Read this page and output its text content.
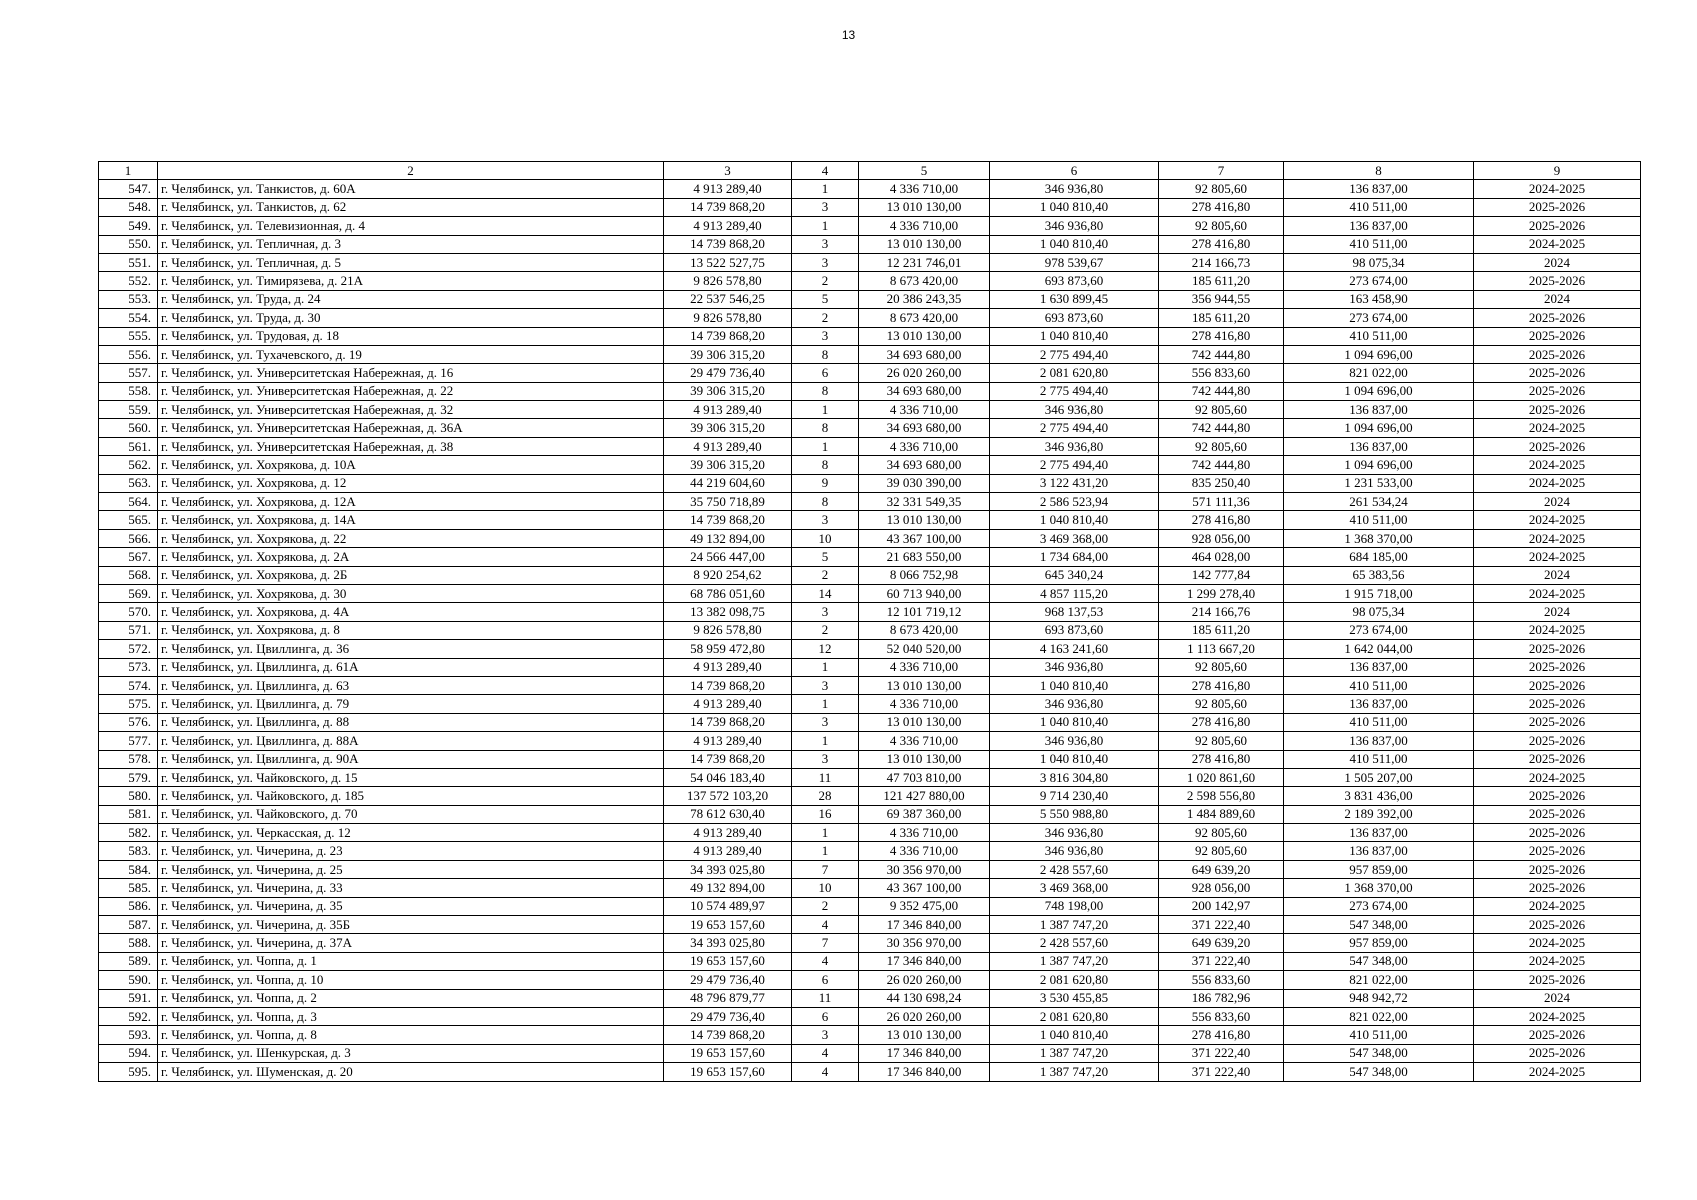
13
1	2	3	4	5	6	7	8	9
547.	г. Челябинск, ул. Танкистов, д. 60А	4 913 289,40	1	4 336 710,00	346 936,80	92 805,60	136 837,00	2024-2025
548.	г. Челябинск, ул. Танкистов, д. 62	14 739 868,20	3	13 010 130,00	1 040 810,40	278 416,80	410 511,00	2025-2026
549.	г. Челябинск, ул. Телевизионная, д. 4	4 913 289,40	1	4 336 710,00	346 936,80	92 805,60	136 837,00	2025-2026
550.	г. Челябинск, ул. Тепличная, д. 3	14 739 868,20	3	13 010 130,00	1 040 810,40	278 416,80	410 511,00	2024-2025
551.	г. Челябинск, ул. Тепличная, д. 5	13 522 527,75	3	12 231 746,01	978 539,67	214 166,73	98 075,34	2024
552.	г. Челябинск, ул. Тимирязева, д. 21А	9 826 578,80	2	8 673 420,00	693 873,60	185 611,20	273 674,00	2025-2026
553.	г. Челябинск, ул. Труда, д. 24	22 537 546,25	5	20 386 243,35	1 630 899,45	356 944,55	163 458,90	2024
554.	г. Челябинск, ул. Труда, д. 30	9 826 578,80	2	8 673 420,00	693 873,60	185 611,20	273 674,00	2025-2026
555.	г. Челябинск, ул. Трудовая, д. 18	14 739 868,20	3	13 010 130,00	1 040 810,40	278 416,80	410 511,00	2025-2026
556.	г. Челябинск, ул. Тухачевского, д. 19	39 306 315,20	8	34 693 680,00	2 775 494,40	742 444,80	1 094 696,00	2025-2026
557.	г. Челябинск, ул. Университетская Набережная, д. 16	29 479 736,40	6	26 020 260,00	2 081 620,80	556 833,60	821 022,00	2025-2026
558.	г. Челябинск, ул. Университетская Набережная, д. 22	39 306 315,20	8	34 693 680,00	2 775 494,40	742 444,80	1 094 696,00	2025-2026
559.	г. Челябинск, ул. Университетская Набережная, д. 32	4 913 289,40	1	4 336 710,00	346 936,80	92 805,60	136 837,00	2025-2026
560.	г. Челябинск, ул. Университетская Набережная, д. 36А	39 306 315,20	8	34 693 680,00	2 775 494,40	742 444,80	1 094 696,00	2024-2025
561.	г. Челябинск, ул. Университетская Набережная, д. 38	4 913 289,40	1	4 336 710,00	346 936,80	92 805,60	136 837,00	2025-2026
562.	г. Челябинск, ул. Хохрякова, д. 10А	39 306 315,20	8	34 693 680,00	2 775 494,40	742 444,80	1 094 696,00	2024-2025
563.	г. Челябинск, ул. Хохрякова, д. 12	44 219 604,60	9	39 030 390,00	3 122 431,20	835 250,40	1 231 533,00	2024-2025
564.	г. Челябинск, ул. Хохрякова, д. 12А	35 750 718,89	8	32 331 549,35	2 586 523,94	571 111,36	261 534,24	2024
565.	г. Челябинск, ул. Хохрякова, д. 14А	14 739 868,20	3	13 010 130,00	1 040 810,40	278 416,80	410 511,00	2024-2025
566.	г. Челябинск, ул. Хохрякова, д. 22	49 132 894,00	10	43 367 100,00	3 469 368,00	928 056,00	1 368 370,00	2024-2025
567.	г. Челябинск, ул. Хохрякова, д. 2А	24 566 447,00	5	21 683 550,00	1 734 684,00	464 028,00	684 185,00	2024-2025
568.	г. Челябинск, ул. Хохрякова, д. 2Б	8 920 254,62	2	8 066 752,98	645 340,24	142 777,84	65 383,56	2024
569.	г. Челябинск, ул. Хохрякова, д. 30	68 786 051,60	14	60 713 940,00	4 857 115,20	1 299 278,40	1 915 718,00	2024-2025
570.	г. Челябинск, ул. Хохрякова, д. 4А	13 382 098,75	3	12 101 719,12	968 137,53	214 166,76	98 075,34	2024
571.	г. Челябинск, ул. Хохрякова, д. 8	9 826 578,80	2	8 673 420,00	693 873,60	185 611,20	273 674,00	2024-2025
572.	г. Челябинск, ул. Цвиллинга, д. 36	58 959 472,80	12	52 040 520,00	4 163 241,60	1 113 667,20	1 642 044,00	2025-2026
573.	г. Челябинск, ул. Цвиллинга, д. 61А	4 913 289,40	1	4 336 710,00	346 936,80	92 805,60	136 837,00	2025-2026
574.	г. Челябинск, ул. Цвиллинга, д. 63	14 739 868,20	3	13 010 130,00	1 040 810,40	278 416,80	410 511,00	2025-2026
575.	г. Челябинск, ул. Цвиллинга, д. 79	4 913 289,40	1	4 336 710,00	346 936,80	92 805,60	136 837,00	2025-2026
576.	г. Челябинск, ул. Цвиллинга, д. 88	14 739 868,20	3	13 010 130,00	1 040 810,40	278 416,80	410 511,00	2025-2026
577.	г. Челябинск, ул. Цвиллинга, д. 88А	4 913 289,40	1	4 336 710,00	346 936,80	92 805,60	136 837,00	2025-2026
578.	г. Челябинск, ул. Цвиллинга, д. 90А	14 739 868,20	3	13 010 130,00	1 040 810,40	278 416,80	410 511,00	2025-2026
579.	г. Челябинск, ул. Чайковского, д. 15	54 046 183,40	11	47 703 810,00	3 816 304,80	1 020 861,60	1 505 207,00	2024-2025
580.	г. Челябинск, ул. Чайковского, д. 185	137 572 103,20	28	121 427 880,00	9 714 230,40	2 598 556,80	3 831 436,00	2025-2026
581.	г. Челябинск, ул. Чайковского, д. 70	78 612 630,40	16	69 387 360,00	5 550 988,80	1 484 889,60	2 189 392,00	2025-2026
582.	г. Челябинск, ул. Черкасская, д. 12	4 913 289,40	1	4 336 710,00	346 936,80	92 805,60	136 837,00	2025-2026
583.	г. Челябинск, ул. Чичерина, д. 23	4 913 289,40	1	4 336 710,00	346 936,80	92 805,60	136 837,00	2025-2026
584.	г. Челябинск, ул. Чичерина, д. 25	34 393 025,80	7	30 356 970,00	2 428 557,60	649 639,20	957 859,00	2025-2026
585.	г. Челябинск, ул. Чичерина, д. 33	49 132 894,00	10	43 367 100,00	3 469 368,00	928 056,00	1 368 370,00	2025-2026
586.	г. Челябинск, ул. Чичерина, д. 35	10 574 489,97	2	9 352 475,00	748 198,00	200 142,97	273 674,00	2024-2025
587.	г. Челябинск, ул. Чичерина, д. 35Б	19 653 157,60	4	17 346 840,00	1 387 747,20	371 222,40	547 348,00	2025-2026
588.	г. Челябинск, ул. Чичерина, д. 37А	34 393 025,80	7	30 356 970,00	2 428 557,60	649 639,20	957 859,00	2024-2025
589.	г. Челябинск, ул. Чоппа, д. 1	19 653 157,60	4	17 346 840,00	1 387 747,20	371 222,40	547 348,00	2024-2025
590.	г. Челябинск, ул. Чоппа, д. 10	29 479 736,40	6	26 020 260,00	2 081 620,80	556 833,60	821 022,00	2025-2026
591.	г. Челябинск, ул. Чоппа, д. 2	48 796 879,77	11	44 130 698,24	3 530 455,85	186 782,96	948 942,72	2024
592.	г. Челябинск, ул. Чоппа, д. 3	29 479 736,40	6	26 020 260,00	2 081 620,80	556 833,60	821 022,00	2024-2025
593.	г. Челябинск, ул. Чоппа, д. 8	14 739 868,20	3	13 010 130,00	1 040 810,40	278 416,80	410 511,00	2025-2026
594.	г. Челябинск, ул. Шенкурская, д. 3	19 653 157,60	4	17 346 840,00	1 387 747,20	371 222,40	547 348,00	2025-2026
595.	г. Челябинск, ул. Шуменская, д. 20	19 653 157,60	4	17 346 840,00	1 387 747,20	371 222,40	547 348,00	2024-2025
